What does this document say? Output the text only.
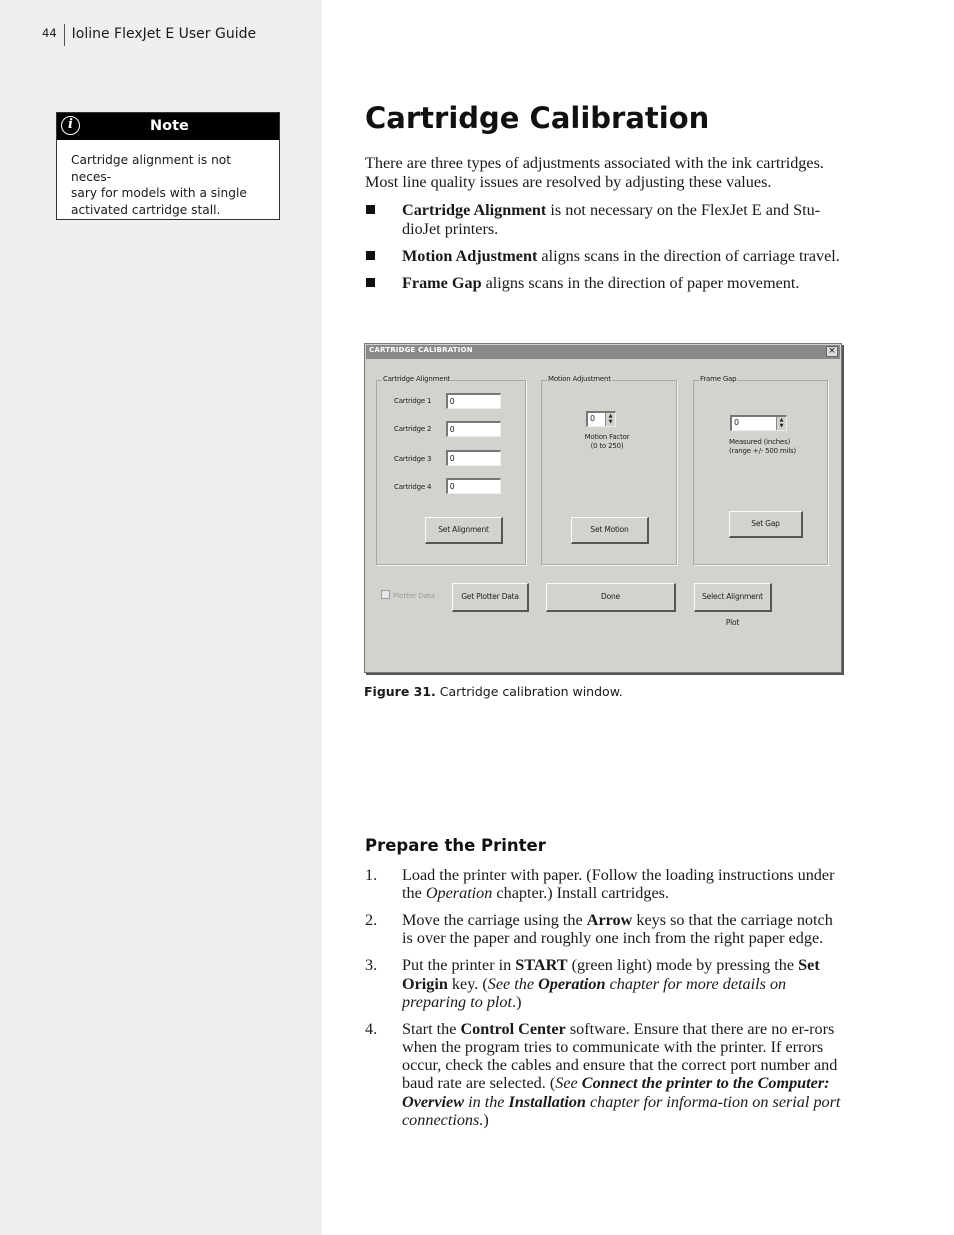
44 Ioline FlexJet E User Guide
i	Note
Cartridge alignment is not neces-
sary for models with a single
activated cartridge stall.
Cartridge Calibration

There are three types of adjustments associated with the ink cartridges. Most line quality issues are resolved by adjusting these values.

Cartridge Alignment is not necessary on the FlexJet E and Stu-dioJet printers.
Motion Adjustment aligns scans in the direction of carriage travel.
Frame Gap aligns scans in the direction of paper movement.
CARTRIDGE CALIBRATION	×
Cartridge Alignment
Cartridge 1
0
Cartridge 2
0
Cartridge 3
0
Cartridge 4
0
Set Alignment
Motion Adjustment
0	▲
▼
Motion Factor
(0 to 250)
Set Motion
Frame Gap
0	▲
▼
Measured (inches)
(range +/- 500 mils)
Set Gap
Plotter Data	Get Plotter Data	Done	Select Alignment Plot
Figure 31. Cartridge calibration window.
Prepare the Printer
1. Load the printer with paper. (Follow the loading instructions under the Operation chapter.) Install cartridges.
2. Move the carriage using the Arrow keys so that the carriage notch is over the paper and roughly one inch from the right paper edge.
3. Put the printer in START (green light) mode by pressing the Set Origin key. (See the Operation chapter for more details on preparing to plot.)
4. Start the Control Center software. Ensure that there are no er-rors when the program tries to communicate with the printer. If errors occur, check the cables and ensure that the correct port number and baud rate are selected. (See Connect the printer to the Computer: Overview in the Installation chapter for informa-tion on serial port connections.)
